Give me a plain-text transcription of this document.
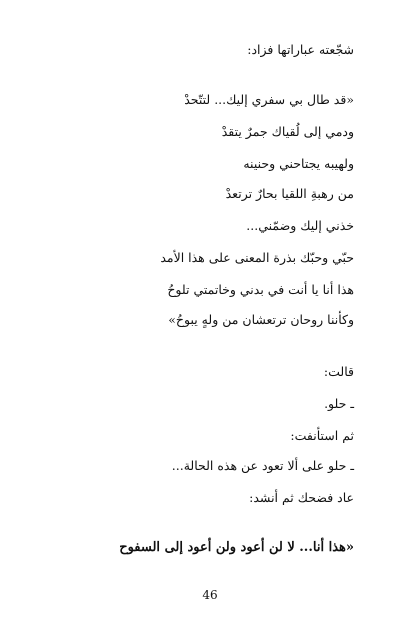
شجّعته عباراتها فزاد:
«قد طال بي سفري إليك... لتتّحدْ
ودمي إلى لُقياك جمرٌ يتقدْ
ولهيبه يجتاحني وحنينه
من رهبةِ اللقيا بحارٌ ترتعدْ
خذني إليك وضمّني...
حبّي وحبّك بذرة المعنى على هذا الأمد
هذا أنا يا أنت في بدني وخاتمتي تلوحُ
وكأننا روحان ترتعشان من ولهٍ يبوحُ»
قالت:
ـ حلو.
ثم استأنفت:
ـ حلو على ألا تعود عن هذه الحالة...
عاد فضحك ثم أنشد:
«هذا أنا... لا لن أعود ولن أعود إلى السفوح
46
